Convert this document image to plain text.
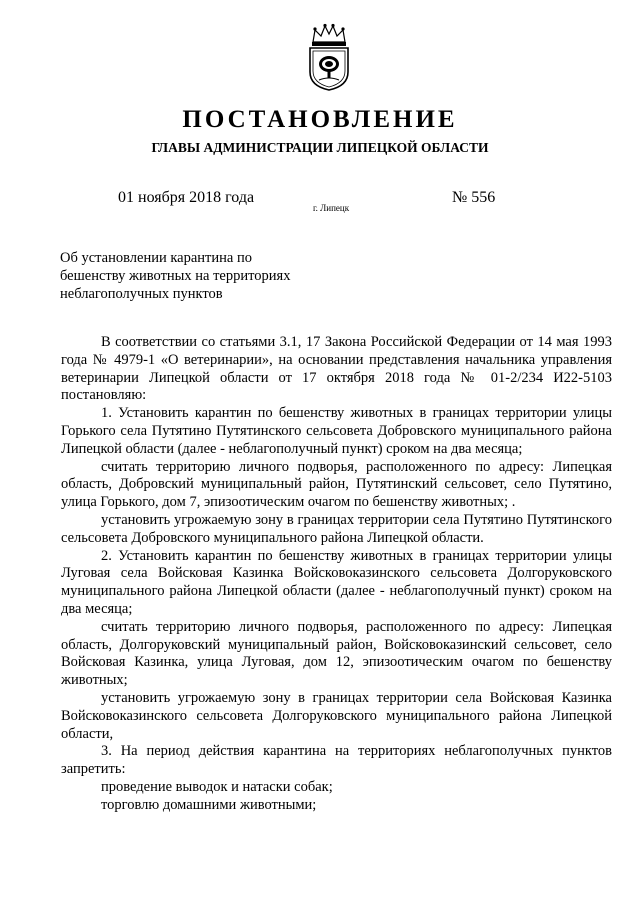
ПОСТАНОВЛЕНИЕ
ГЛАВЫ АДМИНИСТРАЦИИ ЛИПЕЦКОЙ ОБЛАСТИ
01 ноября 2018 года
г. Липецк
№ 556
Об установлении карантина по
бешенству животных на территориях
неблагополучных пунктов

В соответствии со статьями 3.1, 17 Закона Российской Федерации от 14 мая 1993 года № 4979-1 «О ветеринарии», на основании представления начальника управления ветеринарии Липецкой области от 17 октября 2018 года № 01-2/234 И22-5103 постановляю:

1. Установить карантин по бешенству животных в границах территории улицы Горького села Путятино Путятинского сельсовета Добровского муниципального района Липецкой области (далее - неблагополучный пункт) сроком на два месяца;

считать территорию личного подворья, расположенного по адресу: Липецкая область, Добровский муниципальный район, Путятинский сельсовет, село Путятино, улица Горького, дом 7, эпизоотическим очагом по бешенству животных; .

установить угрожаемую зону в границах территории села Путятино Путятинского сельсовета Добровского муниципального района Липецкой области.

2. Установить карантин по бешенству животных в границах территории улицы Луговая села Войсковая Казинка Войсковоказинского сельсовета Долгоруковского муниципального района Липецкой области (далее - неблагополучный пункт) сроком на два месяца;

считать территорию личного подворья, расположенного по адресу: Липецкая область, Долгоруковский муниципальный район, Войсковоказинский сельсовет, село Войсковая Казинка, улица Луговая, дом 12, эпизоотическим очагом по бешенству животных;

установить угрожаемую зону в границах территории села Войсковая Казинка Войсковоказинского сельсовета Долгоруковского муниципального района Липецкой области,

3. На период действия карантина на территориях неблагополучных пунктов запретить:

проведение выводок и натаски собак;

торговлю домашними животными;
